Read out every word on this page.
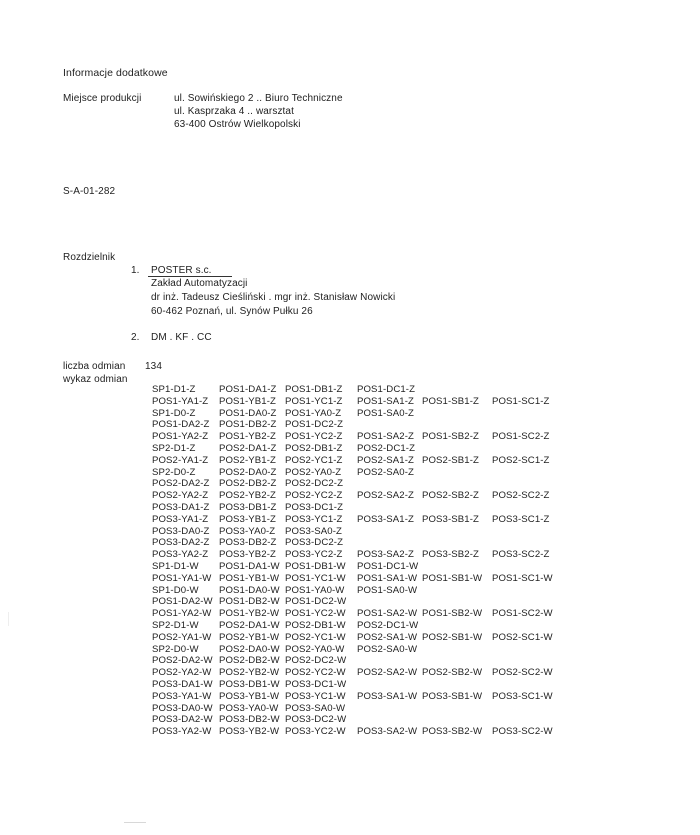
Informacje dodatkowe
Miejsce produkcji	ul. Sowińskiego 2 .. Biuro Techniczne
ul. Kasprzaka 4 .. warsztat
63-400 Ostrów Wielkopolski
S-A-01-282
Rozdzielnik
1. POSTER s.c.
Zakład Automatyzacji
dr inż. Tadeusz Cieśliński . mgr inż. Stanisław Nowicki
60-462 Poznań, ul. Synów Pułku 26
2. DM . KF . CC
liczba odmian 134
wykaz odmian
SP1-D1-Z POS1-DA1-Z POS1-DB1-Z POS1-DC1-Z
POS1-YA1-Z POS1-YB1-Z POS1-YC1-Z POS1-SA1-Z POS1-SB1-Z POS1-SC1-Z
SP1-D0-Z POS1-DA0-Z POS1-YA0-Z POS1-SA0-Z
POS1-DA2-Z POS1-DB2-Z POS1-DC2-Z
POS1-YA2-Z POS1-YB2-Z POS1-YC2-Z POS1-SA2-Z POS1-SB2-Z POS1-SC2-Z
SP2-D1-Z POS2-DA1-Z POS2-DB1-Z POS2-DC1-Z
POS2-YA1-Z POS2-YB1-Z POS2-YC1-Z POS2-SA1-Z POS2-SB1-Z POS2-SC1-Z
SP2-D0-Z POS2-DA0-Z POS2-YA0-Z POS2-SA0-Z
POS2-DA2-Z POS2-DB2-Z POS2-DC2-Z
POS2-YA2-Z POS2-YB2-Z POS2-YC2-Z POS2-SA2-Z POS2-SB2-Z POS2-SC2-Z
POS3-DA1-Z POS3-DB1-Z POS3-DC1-Z
POS3-YA1-Z POS3-YB1-Z POS3-YC1-Z POS3-SA1-Z POS3-SB1-Z POS3-SC1-Z
POS3-DA0-Z POS3-YA0-Z POS3-SA0-Z
POS3-DA2-Z POS3-DB2-Z POS3-DC2-Z
POS3-YA2-Z POS3-YB2-Z POS3-YC2-Z POS3-SA2-Z POS3-SB2-Z POS3-SC2-Z
SP1-D1-W POS1-DA1-W POS1-DB1-W POS1-DC1-W
POS1-YA1-W POS1-YB1-W POS1-YC1-W POS1-SA1-W POS1-SB1-W POS1-SC1-W
SP1-D0-W POS1-DA0-W POS1-YA0-W POS1-SA0-W
POS1-DA2-W POS1-DB2-W POS1-DC2-W
POS1-YA2-W POS1-YB2-W POS1-YC2-W POS1-SA2-W POS1-SB2-W POS1-SC2-W
SP2-D1-W POS2-DA1-W POS2-DB1-W POS2-DC1-W
POS2-YA1-W POS2-YB1-W POS2-YC1-W POS2-SA1-W POS2-SB1-W POS2-SC1-W
SP2-D0-W POS2-DA0-W POS2-YA0-W POS2-SA0-W
POS2-DA2-W POS2-DB2-W POS2-DC2-W
POS2-YA2-W POS2-YB2-W POS2-YC2-W POS2-SA2-W POS2-SB2-W POS2-SC2-W
POS3-DA1-W POS3-DB1-W POS3-DC1-W
POS3-YA1-W POS3-YB1-W POS3-YC1-W POS3-SA1-W POS3-SB1-W POS3-SC1-W
POS3-DA0-W POS3-YA0-W POS3-SA0-W
POS3-DA2-W POS3-DB2-W POS3-DC2-W
POS3-YA2-W POS3-YB2-W POS3-YC2-W POS3-SA2-W POS3-SB2-W POS3-SC2-W
